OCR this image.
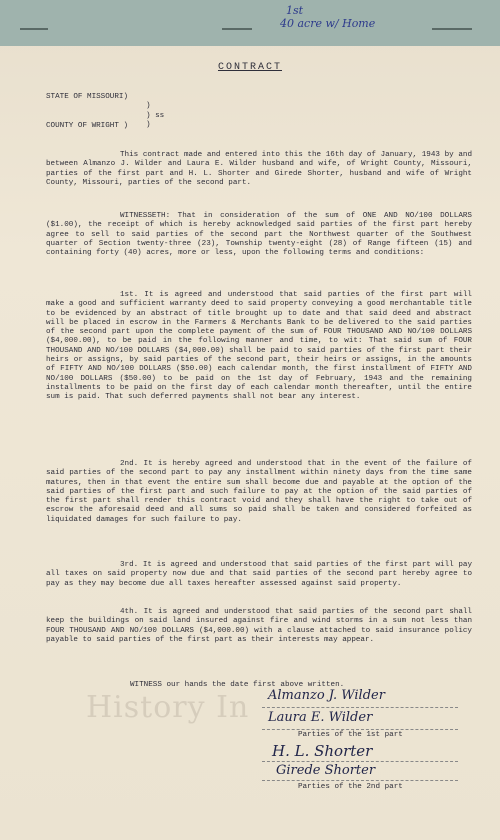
1st
40 acre w/ Home
CONTRACT
STATE OF MISSOURI)
)
) ss
)
COUNTY OF WRIGHT )
This contract made and entered into this the 16th day of January, 1943 by and between Almanzo J. Wilder and Laura E. Wilder husband and wife, of Wright County, Missouri, parties of the first part and H. L. Shorter and Girede Shorter, husband and wife of Wright County, Missouri, parties of the second part.
WITNESSETH: That in consideration of the sum of ONE AND NO/100 DOLLARS ($1.00), the receipt of which is hereby acknowledged said parties of the first part hereby agree to sell to said parties of the second part the Northwest quarter of the Southwest quarter of Section twenty-three (23), Township twenty-eight (28) of Range fifteen (15) and containing forty (40) acres, more or less, upon the following terms and conditions:
1st. It is agreed and understood that said parties of the first part will make a good and sufficient warranty deed to said property conveying a good merchantable title to be evidenced by an abstract of title brought up to date and that said deed and abstract will be placed in escrow in the Farmers & Merchants Bank to be delivered to the said parties of the second part upon the complete payment of the sum of FOUR THOUSAND AND NO/100 DOLLARS ($4,000.00), to be paid in the following manner and time, to wit: That said sum of FOUR THOUSAND AND NO/100 DOLLARS ($4,000.00) shall be paid to said parties of the first part their heirs or assigns, by said parties of the second part, their heirs or assigns, in the amounts of FIFTY AND NO/100 DOLLARS ($50.00) each calendar month, the first installment of FIFTY AND NO/100 DOLLARS ($50.00) to be paid on the 1st day of February, 1943 and the remaining installments to be paid on the first day of each calendar month thereafter, until the entire sum is paid. That such deferred payments shall not bear any interest.
2nd. It is hereby agreed and understood that in the event of the failure of said parties of the second part to pay any installment within ninety days from the time same matures, then in that event the entire sum shall become due and payable at the option of the said parties of the first part and such failure to pay at the option of the said parties of the first part shall render this contract void and they shall have the right to take out of escrow the aforesaid deed and all sums so paid shall be taken and considered forfeited as liquidated damages for such failure to pay.
3rd. It is agreed and understood that said parties of the first part will pay all taxes on said property now due and that said parties of the second part hereby agree to pay as they may become due all taxes hereafter assessed against said property.
4th. It is agreed and understood that said parties of the second part shall keep the buildings on said land insured against fire and wind storms in a sum not less than FOUR THOUSAND AND NO/100 DOLLARS ($4,000.00) with a clause attached to said insurance policy payable to said parties of the first part as their interests may appear.
WITNESS our hands the date first above written.
History In Almanzo J. Wilder
Laura E. Wilder
Parties of the 1st part
H. L. Shorter
Girede Shorter
Parties of the 2nd part
